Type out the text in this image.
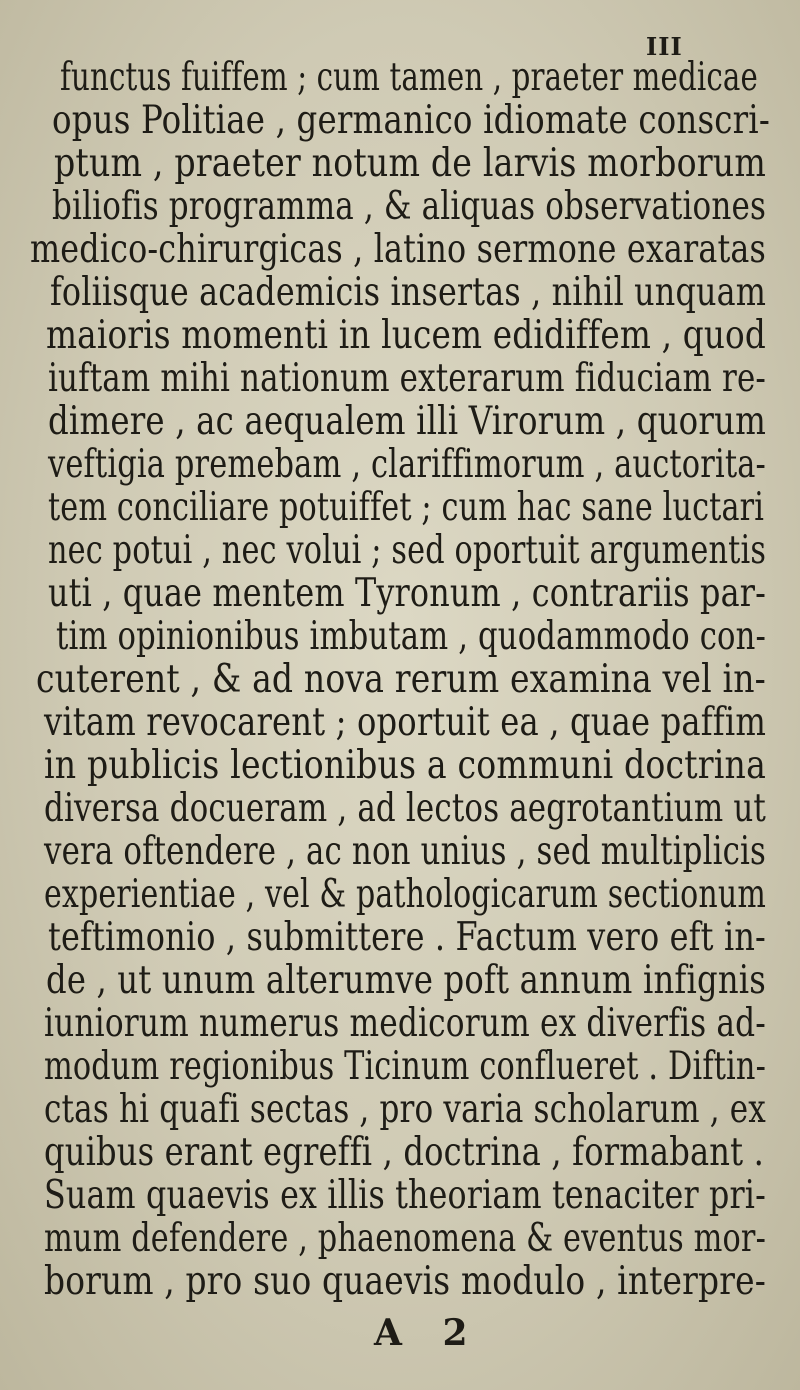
III
functus fuiffem ; cum tamen , praeter medicae
opus Politiae , germanico idiomate conscri-
ptum , praeter notum de larvis morborum
biliofis programma , & aliquas observationes
medico-chirurgicas , latino sermone exaratas
foliisque academicis insertas , nihil unquam
maioris momenti in lucem edidiffem , quod
iuftam mihi nationum exterarum fiduciam re-
dimere , ac aequalem illi Virorum , quorum
veftigia premebam , clariffimorum , auctorita-
tem conciliare potuiffet ; cum hac sane luctari
nec potui , nec volui ; sed oportuit argumentis
uti , quae mentem Tyronum , contrariis par-
tim opinionibus imbutam , quodammodo con-
cuterent , & ad nova rerum examina vel in-
vitam revocarent ; oportuit ea , quae paffim
in publicis lectionibus a communi doctrina
diversa docueram , ad lectos aegrotantium ut
vera oftendere , ac non unius , sed multiplicis
experientiae , vel & pathologicarum sectionum
teftimonio , submittere . Factum vero eft in-
de , ut unum alterumve poft annum infignis
iuniorum numerus medicorum ex diverfis ad-
modum regionibus Ticinum conflueret . Diftin-
ctas hi quafi sectas , pro varia scholarum , ex
quibus erant egreffi , doctrina , formabant .
Suam quaevis ex illis theoriam tenaciter pri-
mum defendere , phaenomena & eventus mor-
borum , pro suo quaevis modulo , interpre-
A 2
